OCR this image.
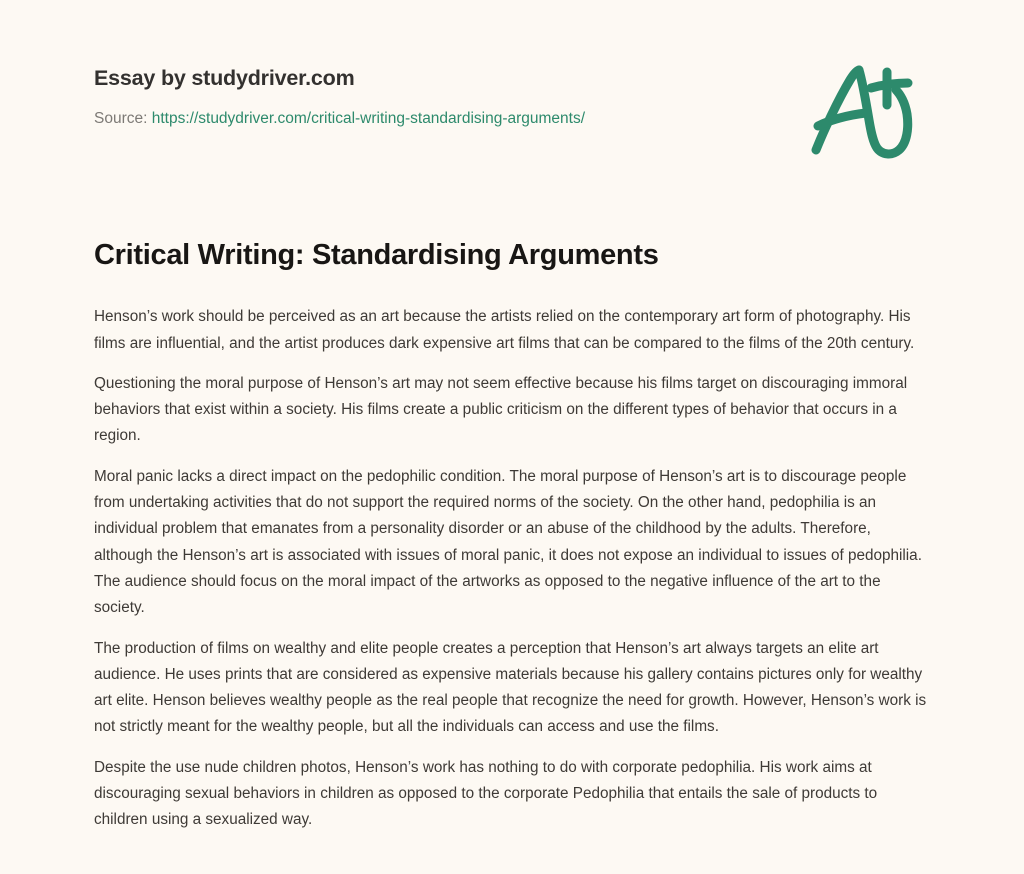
Essay by studydriver.com
Source: https://studydriver.com/critical-writing-standardising-arguments/
Critical Writing: Standardising Arguments

Henson’s work should be perceived as an art because the artists relied on the contemporary art form of photography. His films are influential, and the artist produces dark expensive art films that can be compared to the films of the 20th century.

Questioning the moral purpose of Henson’s art may not seem effective because his films target on discouraging immoral behaviors that exist within a society. His films create a public criticism on the different types of behavior that occurs in a region.

Moral panic lacks a direct impact on the pedophilic condition. The moral purpose of Henson’s art is to discourage people from undertaking activities that do not support the required norms of the society. On the other hand, pedophilia is an individual problem that emanates from a personality disorder or an abuse of the childhood by the adults. Therefore, although the Henson’s art is associated with issues of moral panic, it does not expose an individual to issues of pedophilia. The audience should focus on the moral impact of the artworks as opposed to the negative influence of the art to the society.

The production of films on wealthy and elite people creates a perception that Henson’s art always targets an elite art audience. He uses prints that are considered as expensive materials because his gallery contains pictures only for wealthy art elite. Henson believes wealthy people as the real people that recognize the need for growth. However, Henson’s work is not strictly meant for the wealthy people, but all the individuals can access and use the films.

Despite the use nude children photos, Henson’s work has nothing to do with corporate pedophilia. His work aims at discouraging sexual behaviors in children as opposed to the corporate Pedophilia that entails the sale of products to children using a sexualized way.
